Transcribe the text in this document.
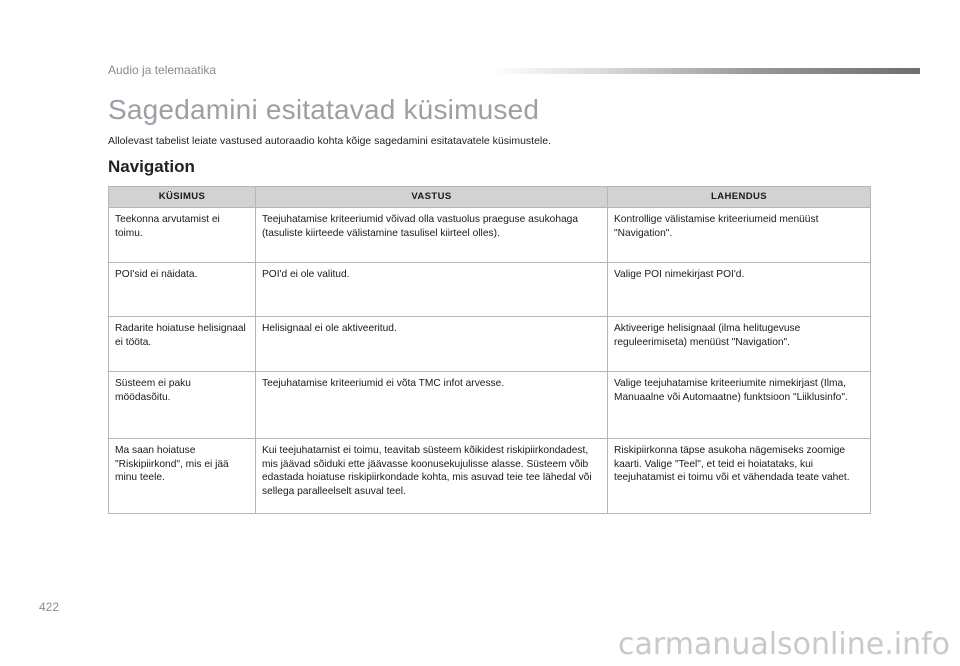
Audio ja telemaatika
Sagedamini esitatavad küsimused
Allolevast tabelist leiate vastused autoraadio kohta kõige sagedamini esitatavatele küsimustele.
Navigation
KÜSIMUS	VASTUS	LAHENDUS
Teekonna arvutamist ei toimu.	Teejuhatamise kriteeriumid võivad olla vastuolus praeguse asukohaga (tasuliste kiirteede välistamine tasulisel kiirteel olles).	Kontrollige välistamise kriteeriumeid menüüst "Navigation".
POI'sid ei näidata.	POI'd ei ole valitud.	Valige POI nimekirjast POI'd.
Radarite hoiatuse helisignaal ei tööta.	Helisignaal ei ole aktiveeritud.	Aktiveerige helisignaal (ilma helitugevuse reguleerimiseta) menüüst "Navigation".
Süsteem ei paku möödasõitu.	Teejuhatamise kriteeriumid ei võta TMC infot arvesse.	Valige teejuhatamise kriteeriumite nimekirjast (Ilma, Manuaalne või Automaatne) funktsioon "Liiklusinfo".
Ma saan hoiatuse "Riskipiirkond", mis ei jää minu teele.	Kui teejuhatamist ei toimu, teavitab süsteem kõikidest riskipiirkondadest, mis jäävad sõiduki ette jäävasse koonusekujulisse alasse. Süsteem võib edastada hoiatuse riskipiirkondade kohta, mis asuvad teie tee lähedal või sellega paralleelselt asuval teel.	Riskipiirkonna täpse asukoha nägemiseks zoomige kaarti. Valige "Teel", et teid ei hoiatataks, kui teejuhatamist ei toimu või et vähendada teate vahet.
422
carmanualsonline.info
